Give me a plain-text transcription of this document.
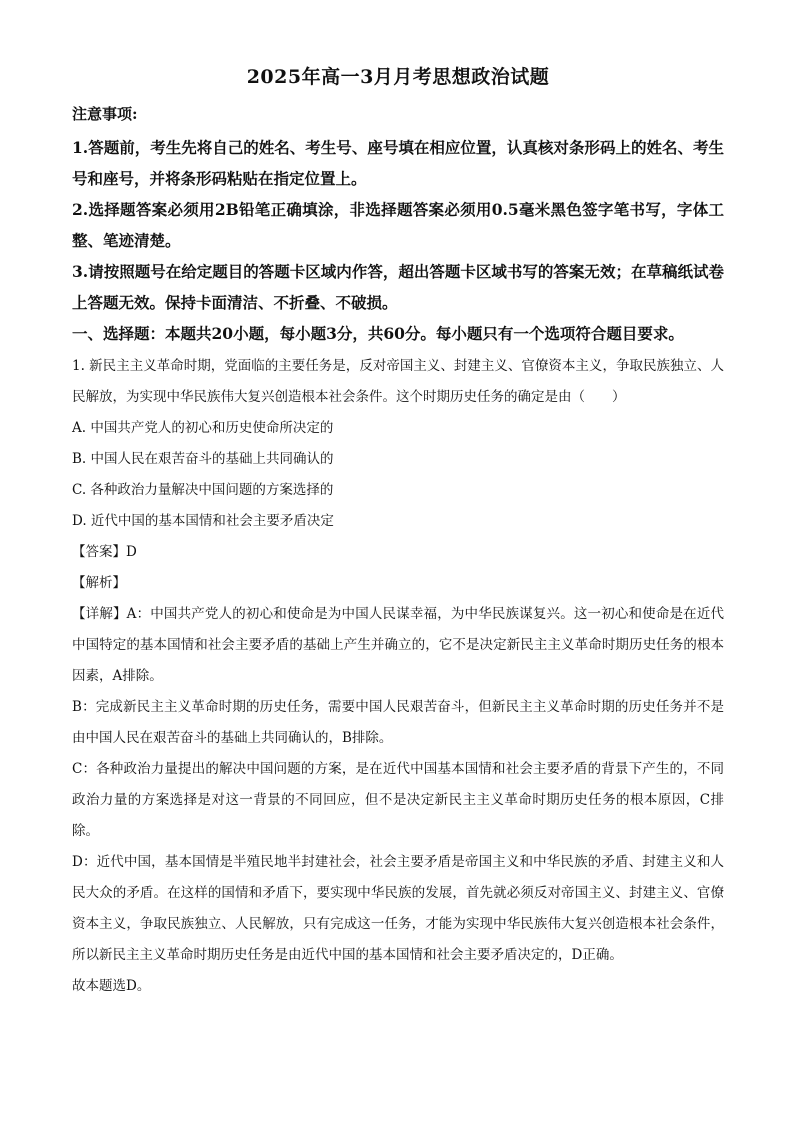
2025年高一3月月考思想政治试题
注意事项:

1.答题前，考生先将自己的姓名、考生号、座号填在相应位置，认真核对条形码上的姓名、考生号和座号，并将条形码粘贴在指定位置上。

2.选择题答案必须用2B铅笔正确填涂，非选择题答案必须用0.5毫米黑色签字笔书写，字体工整、笔迹清楚。

3.请按照题号在给定题目的答题卡区域内作答，超出答题卡区域书写的答案无效；在草稿纸试卷上答题无效。保持卡面清洁、不折叠、不破损。

一、选择题：本题共20小题，每小题3分，共60分。每小题只有一个选项符合题目要求。

1. 新民主主义革命时期，党面临的主要任务是，反对帝国主义、封建主义、官僚资本主义，争取民族独立、人民解放，为实现中华民族伟大复兴创造根本社会条件。这个时期历史任务的确定是由（　　）

A. 中国共产党人的初心和历史使命所决定的

B. 中国人民在艰苦奋斗的基础上共同确认的

C. 各种政治力量解决中国问题的方案选择的

D. 近代中国的基本国情和社会主要矛盾决定

【答案】D

【解析】

【详解】A：中国共产党人的初心和使命是为中国人民谋幸福，为中华民族谋复兴。这一初心和使命是在近代中国特定的基本国情和社会主要矛盾的基础上产生并确立的，它不是决定新民主主义革命时期历史任务的根本因素，A排除。

B：完成新民主主义革命时期的历史任务，需要中国人民艰苦奋斗，但新民主主义革命时期的历史任务并不是由中国人民在艰苦奋斗的基础上共同确认的，B排除。

C：各种政治力量提出的解决中国问题的方案，是在近代中国基本国情和社会主要矛盾的背景下产生的，不同政治力量的方案选择是对这一背景的不同回应，但不是决定新民主主义革命时期历史任务的根本原因，C排除。

D：近代中国，基本国情是半殖民地半封建社会，社会主要矛盾是帝国主义和中华民族的矛盾、封建主义和人民大众的矛盾。在这样的国情和矛盾下，要实现中华民族的发展，首先就必须反对帝国主义、封建主义、官僚资本主义，争取民族独立、人民解放，只有完成这一任务，才能为实现中华民族伟大复兴创造根本社会条件，所以新民主主义革命时期历史任务是由近代中国的基本国情和社会主要矛盾决定的，D正确。

故本题选D。
